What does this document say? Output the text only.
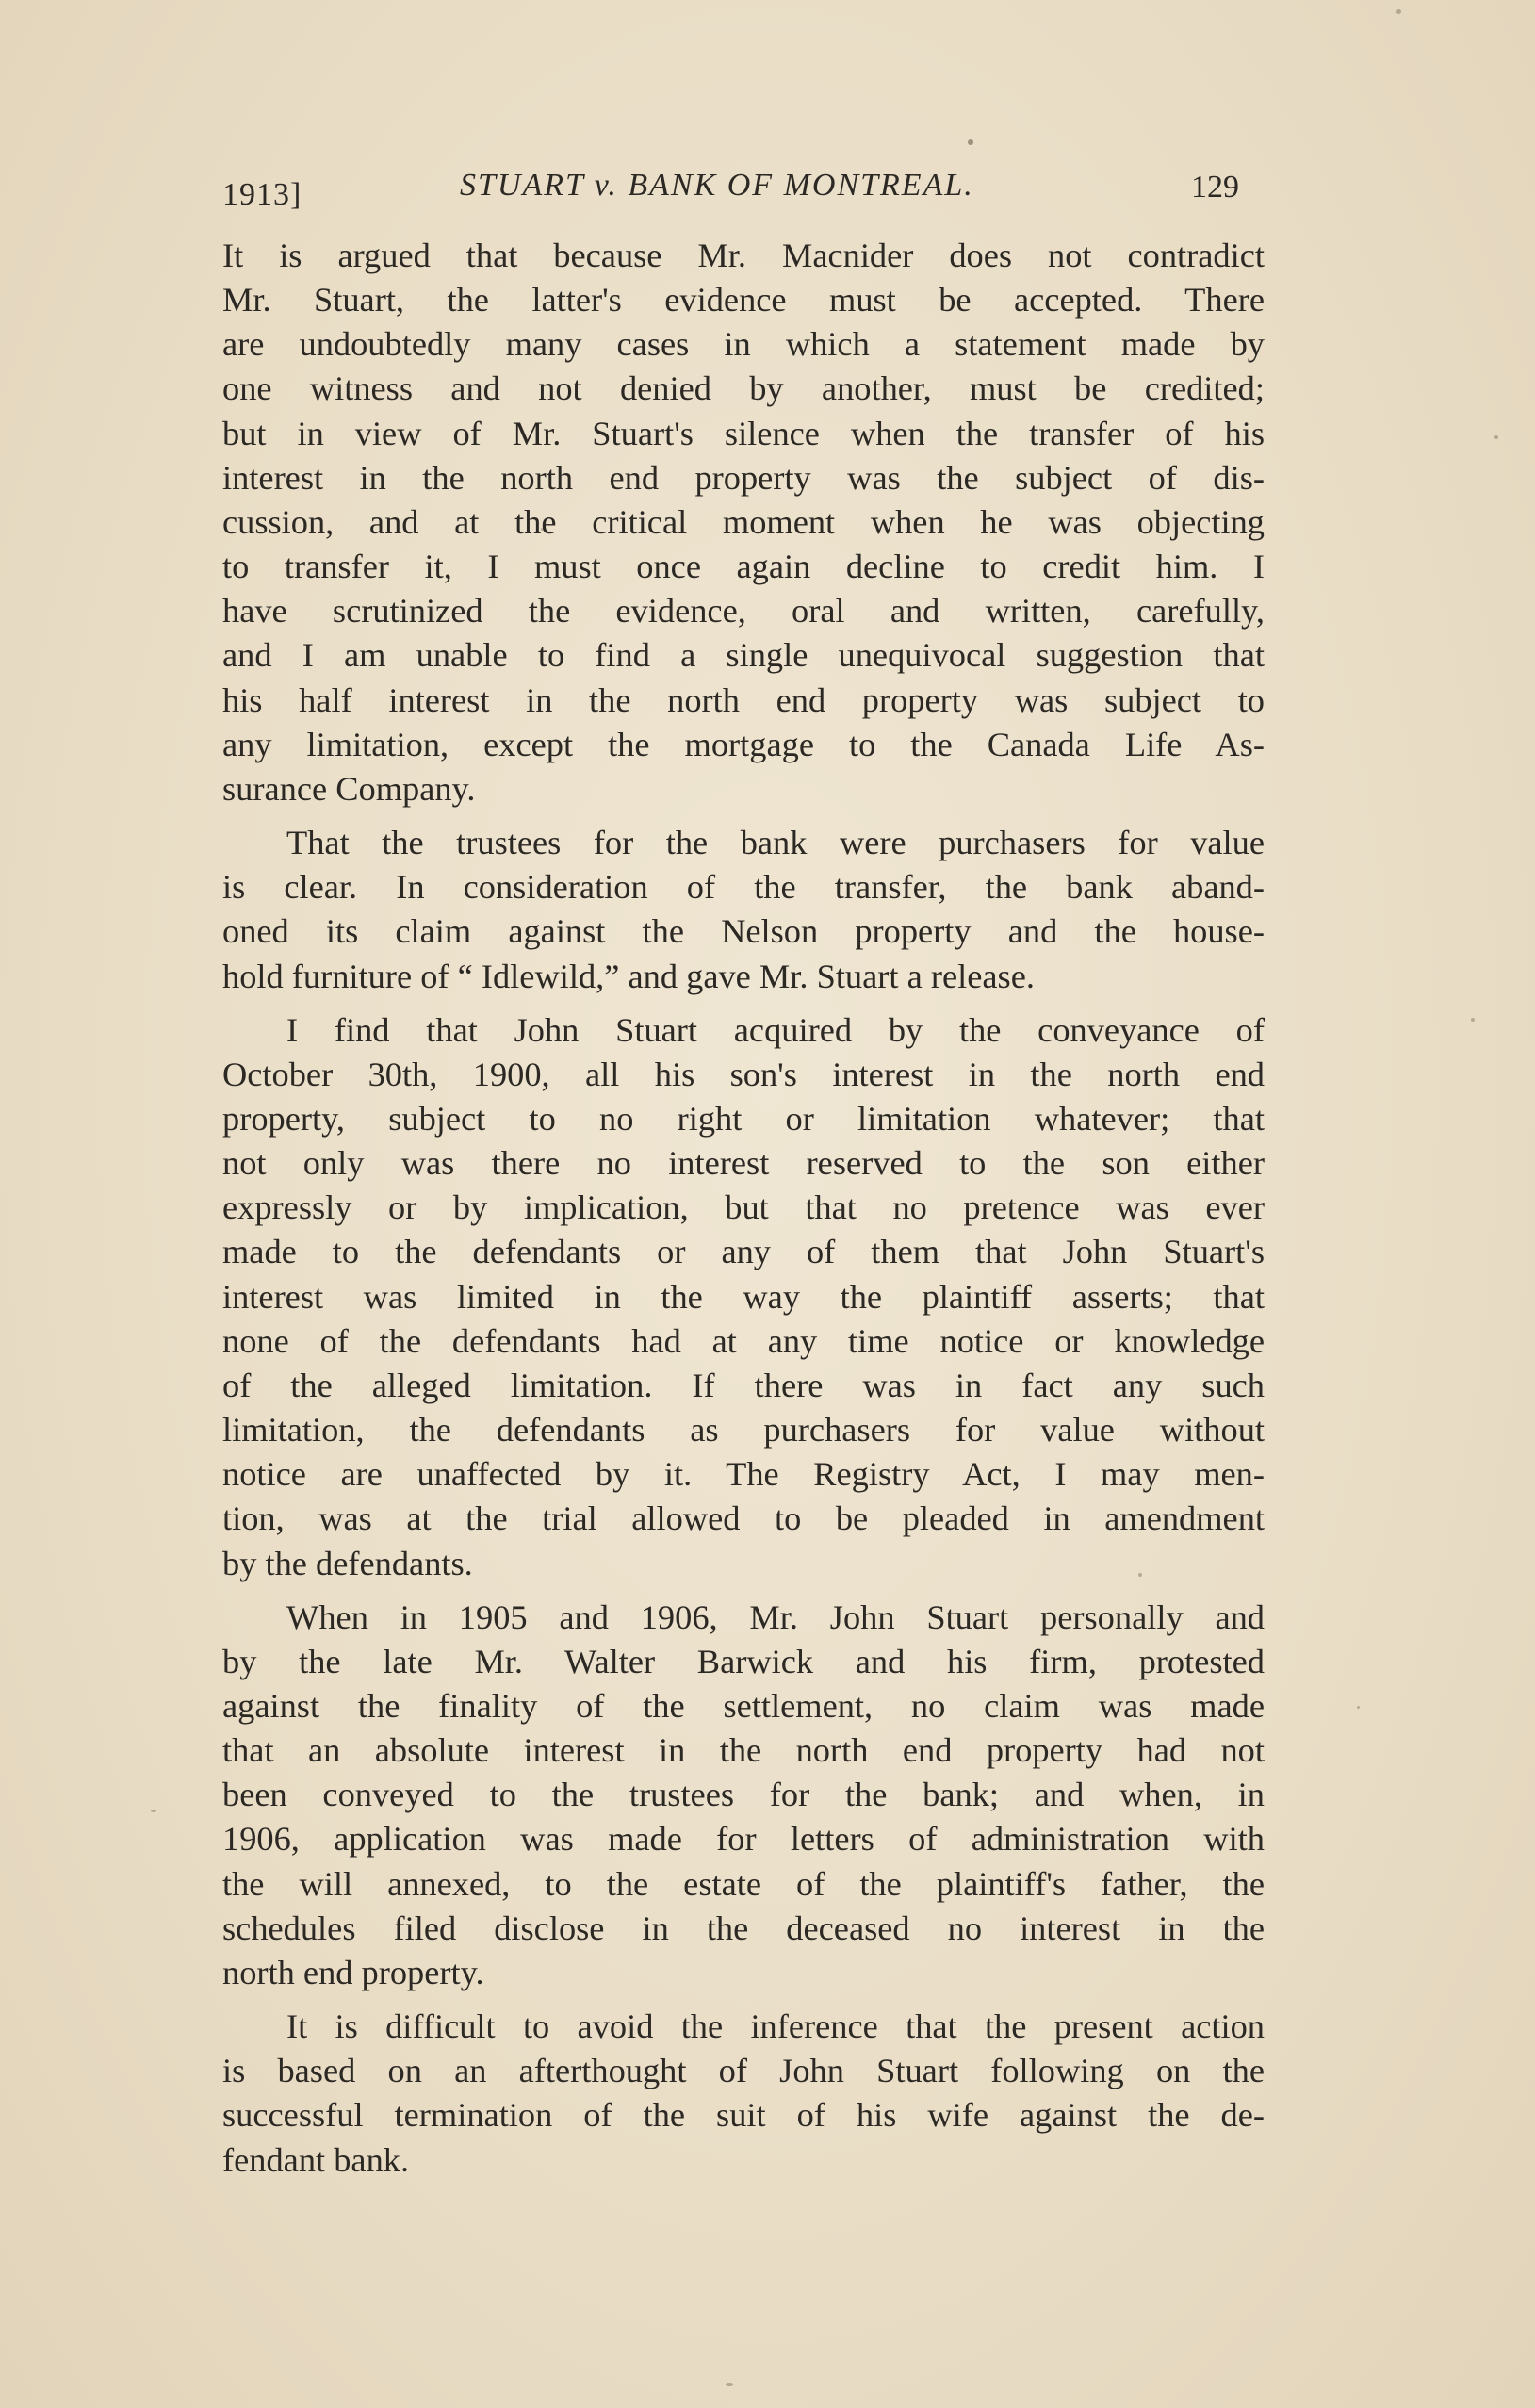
1913]	STUART v. BANK OF MONTREAL.	129
It is argued that because Mr. Macnider does not contradict
Mr. Stuart, the latter's evidence must be accepted. There
are undoubtedly many cases in which a statement made by
one witness and not denied by another, must be credited;
but in view of Mr. Stuart's silence when the transfer of his
interest in the north end property was the subject of dis-
cussion, and at the critical moment when he was objecting
to transfer it, I must once again decline to credit him. I
have scrutinized the evidence, oral and written, carefully,
and I am unable to find a single unequivocal suggestion that
his half interest in the north end property was subject to
any limitation, except the mortgage to the Canada Life As-
surance Company.
That the trustees for the bank were purchasers for value
is clear. In consideration of the transfer, the bank aband-
oned its claim against the Nelson property and the house-
hold furniture of “ Idlewild,” and gave Mr. Stuart a release.
I find that John Stuart acquired by the conveyance of
October 30th, 1900, all his son's interest in the north end
property, subject to no right or limitation whatever; that
not only was there no interest reserved to the son either
expressly or by implication, but that no pretence was ever
made to the defendants or any of them that John Stuart's
interest was limited in the way the plaintiff asserts; that
none of the defendants had at any time notice or knowledge
of the alleged limitation. If there was in fact any such
limitation, the defendants as purchasers for value without
notice are unaffected by it. The Registry Act, I may men-
tion, was at the trial allowed to be pleaded in amendment
by the defendants.
When in 1905 and 1906, Mr. John Stuart personally and
by the late Mr. Walter Barwick and his firm, protested
against the finality of the settlement, no claim was made
that an absolute interest in the north end property had not
been conveyed to the trustees for the bank; and when, in
1906, application was made for letters of administration with
the will annexed, to the estate of the plaintiff's father, the
schedules filed disclose in the deceased no interest in the
north end property.
It is difficult to avoid the inference that the present action
is based on an afterthought of John Stuart following on the
successful termination of the suit of his wife against the de-
fendant bank.
